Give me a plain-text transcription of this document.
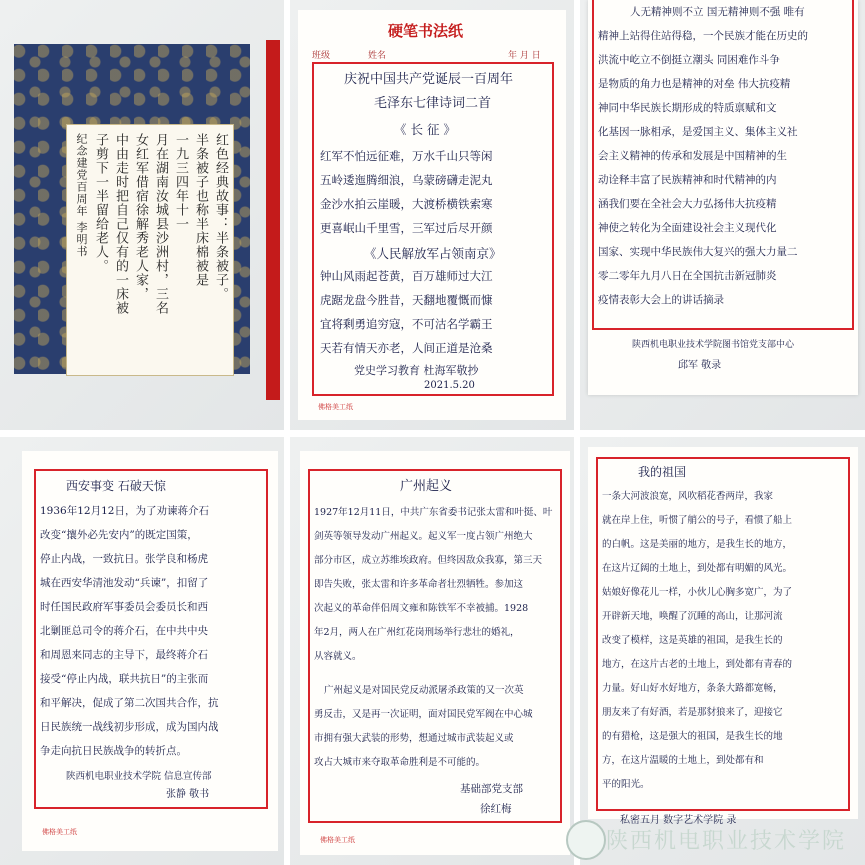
红色经典故事：半条被子。
半条被子也称半床棉被是
一九三四年十一
月在湖南汝城县沙洲村，三名
女红军借宿徐解秀老人家，
中由走时把自己仅有的一床被
子剪下一半留给老人。
纪念建党百周年 李明书
硬笔书法纸
班级	姓名	年 月 日
庆祝中国共产党诞辰一百周年
毛泽东七律诗词二首
《 长 征 》
红军不怕远征难，万水千山只等闲
五岭逶迤腾细浪，乌蒙磅礴走泥丸
金沙水拍云崖暖，大渡桥横铁索寒
更喜岷山千里雪，三军过后尽开颜
《人民解放军占领南京》
钟山风雨起苍黄，百万雄师过大江
虎踞龙盘今胜昔，天翻地覆慨而慷
宜将剩勇追穷寇，不可沽名学霸王
天若有情天亦老，人间正道是沧桑
党史学习教育 杜海军敬抄
2021.5.20
佛格美工纸
人无精神则不立 国无精神则不强 唯有
精神上站得住站得稳，一个民族才能在历史的
洪流中屹立不倒挺立潮头 同困难作斗争
是物质的角力也是精神的对垒 伟大抗疫精
神同中华民族长期形成的特质禀赋和文
化基因一脉相承，是爱国主义、集体主义社
会主义精神的传承和发展是中国精神的生
动诠释丰富了民族精神和时代精神的内
涵我们要在全社会大力弘扬伟大抗疫精
神使之转化为全面建设社会主义现代化
国家、实现中华民族伟大复兴的强大力量二
零二零年九月八日在全国抗击新冠肺炎
疫情表彰大会上的讲话摘录
陕西机电职业技术学院图书馆党支部中心
邱军 敬录
西安事变 石破天惊
1936年12月12日，为了劝谏蒋介石
改变“攘外必先安内”的既定国策，
停止内战，一致抗日。张学良和杨虎
城在西安华清池发动“兵谏”，扣留了
时任国民政府军事委员会委员长和西
北剿匪总司令的蒋介石，在中共中央
和周恩来同志的主导下，最终蒋介石
接受“停止内战，联共抗日”的主张而
和平解决，促成了第二次国共合作，抗
日民族统一战线初步形成，成为国内战
争走向抗日民族战争的转折点。
陕西机电职业技术学院 信息宣传部
张静 敬书
佛格美工纸
广州起义
1927年12月11日，中共广东省委书记张太雷和叶挺、叶
剑英等领导发动广州起义。起义军一度占领广州绝大
部分市区，成立苏维埃政府。但终因敌众我寡，第三天
即告失败，张太雷和许多革命者壮烈牺牲。参加这
次起义的革命伴侣周文雍和陈铁军不幸被捕。1928
年2月，两人在广州红花岗刑场举行悲壮的婚礼，
从容就义。
广州起义是对国民党反动派屠杀政策的又一次英
勇反击，又是再一次证明，面对国民党军阀在中心城
市拥有强大武装的形势，想通过城市武装起义或
攻占大城市来夺取革命胜利是不可能的。
基础部党支部
徐红梅
佛格美工纸
我的祖国
一条大河波浪宽，风吹稻花香两岸，我家
就在岸上住，听惯了艄公的号子，看惯了船上
的白帆。这是美丽的地方，是我生长的地方，
在这片辽阔的土地上，到处都有明媚的风光。
姑娘好像花儿一样，小伙儿心胸多宽广，为了
开辟新天地，唤醒了沉睡的高山，让那河流
改变了模样，这是英雄的祖国，是我生长的
地方，在这片古老的土地上，到处都有青春的
力量。好山好水好地方，条条大路都宽畅，
朋友来了有好酒，若是那豺狼来了，迎接它
的有猎枪，这是强大的祖国，是我生长的地
方，在这片温暖的土地上，到处都有和
平的阳光。
私密五月 数字艺术学院 录
陕西机电职业技术学院
